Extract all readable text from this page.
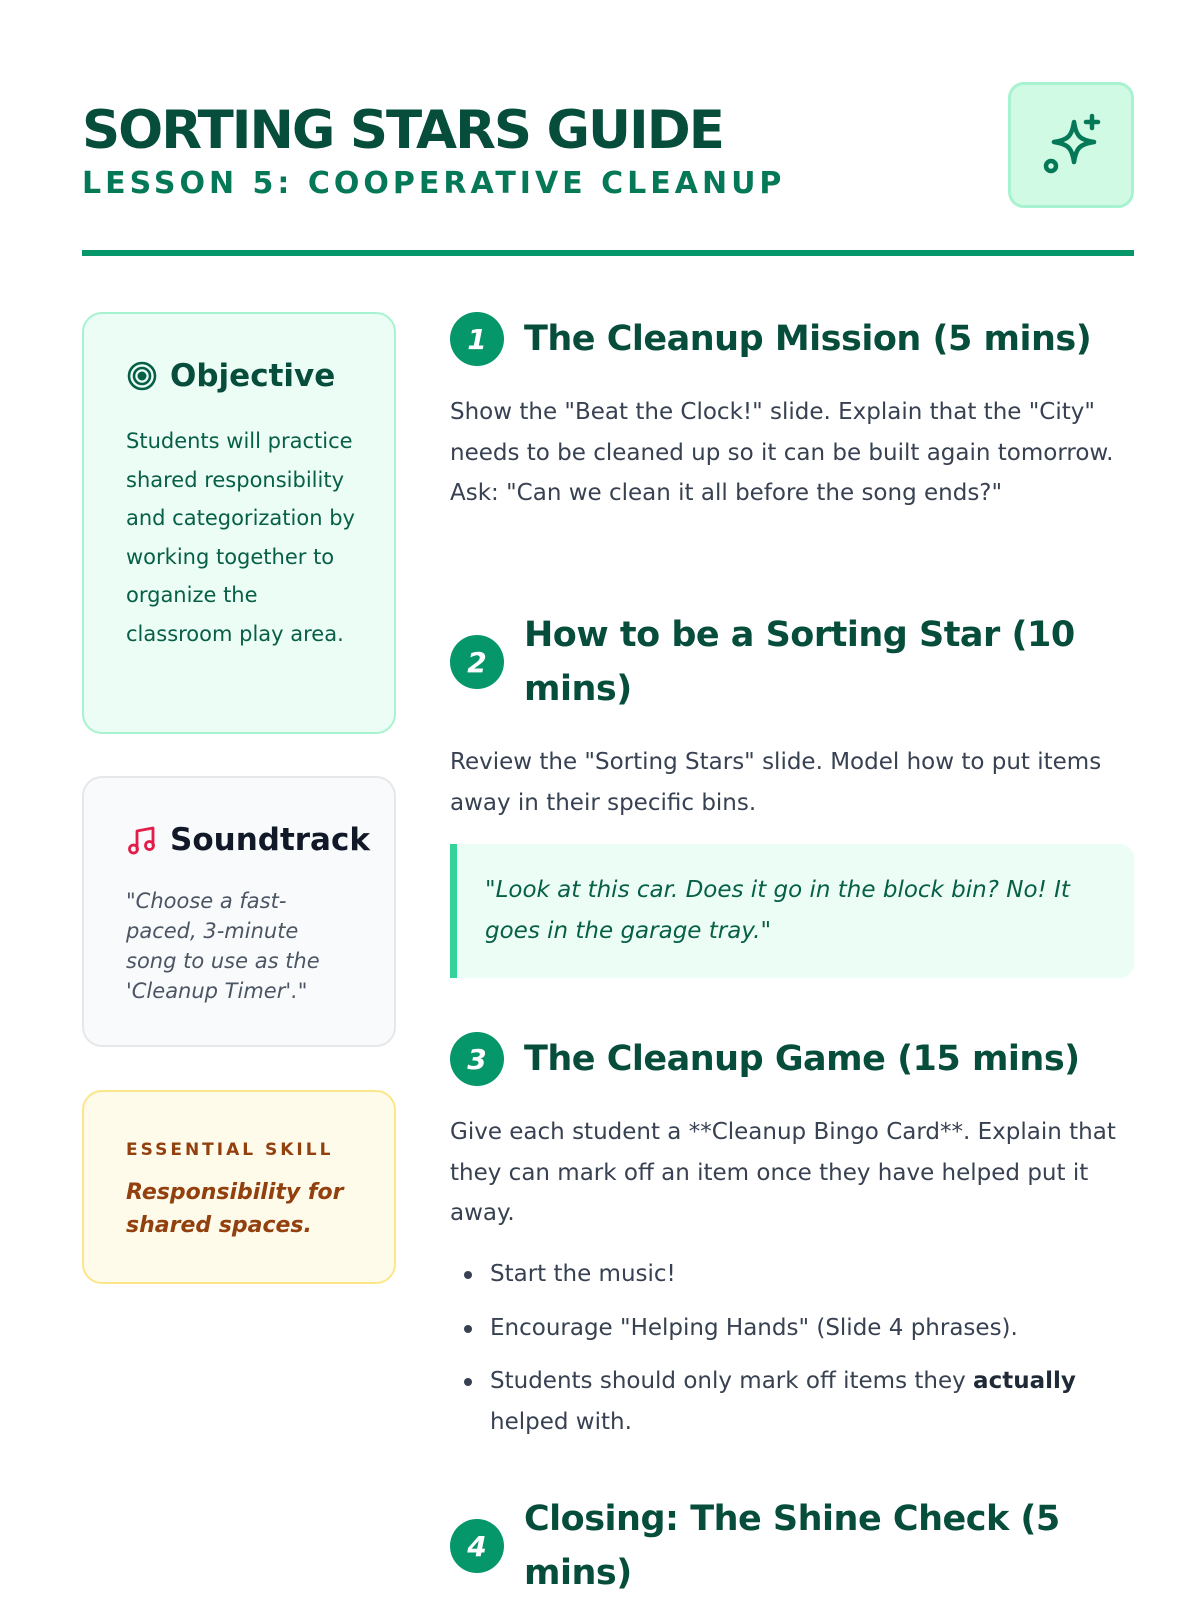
SORTING STARS GUIDE
LESSON 5: COOPERATIVE CLEANUP
Objective
Students will practice shared responsibility and categorization by working together to organize the classroom play area.
Soundtrack
"Choose a fast-paced, 3-minute song to use as the 'Cleanup Timer'."
ESSENTIAL SKILL
Responsibility for shared spaces.
1	The Cleanup Mission (5 mins)
Show the "Beat the Clock!" slide. Explain that the "City" needs to be cleaned up so it can be built again tomorrow. Ask: "Can we clean it all before the song ends?"
2
How to be a Sorting Star (10 mins)
Review the "Sorting Stars" slide. Model how to put items away in their specific bins.
"Look at this car. Does it go in the block bin? No! It goes in the garage tray."
3	The Cleanup Game (15 mins)
Give each student a **Cleanup Bingo Card**. Explain that they can mark off an item once they have helped put it away.
Start the music!
Encourage "Helping Hands" (Slide 4 phrases).
Students should only mark off items they actually helped with.
4
Closing: The Shine Check (5 mins)
